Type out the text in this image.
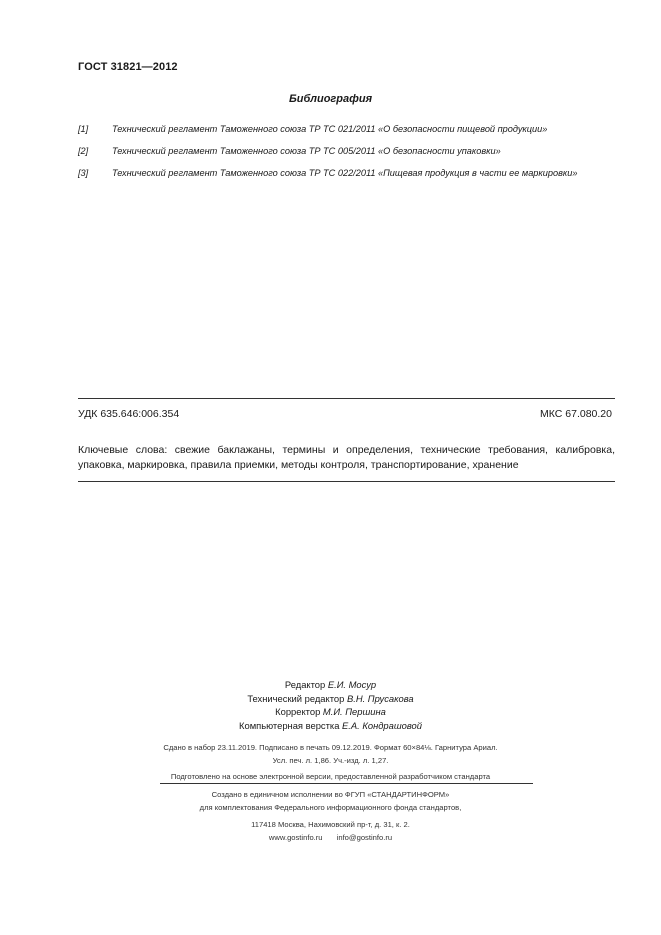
ГОСТ 31821—2012
Библиография
[1]	Технический регламент Таможенного союза ТР ТС 021/2011 «О безопасности пищевой продукции»
[2]	Технический регламент Таможенного союза ТР ТС 005/2011 «О безопасности упаковки»
[3]	Технический регламент Таможенного союза ТР ТС 022/2011 «Пищевая продукция в части ее маркировки»
УДК 635.646:006.354	МКС 67.080.20
Ключевые слова: свежие баклажаны, термины и определения, технические требования, калибровка, упаковка, маркировка, правила приемки, методы контроля, транспортирование, хранение
Редактор Е.И. Мосур
Технический редактор В.Н. Прусакова
Корректор М.И. Першина
Компьютерная верстка Е.А. Кондрашовой
Сдано в набор 23.11.2019. Подписано в печать 09.12.2019. Формат 60×84⅛. Гарнитура Ариал.
Усл. печ. л. 1,86. Уч.-изд. л. 1,27.
Подготовлено на основе электронной версии, предоставленной разработчиком стандарта
Создано в единичном исполнении во ФГУП «СТАНДАРТИНФОРМ»
для комплектования Федерального информационного фонда стандартов,
117418 Москва, Нахимовский пр-т, д. 31, к. 2.
www.gostinfo.ru info@gostinfo.ru
